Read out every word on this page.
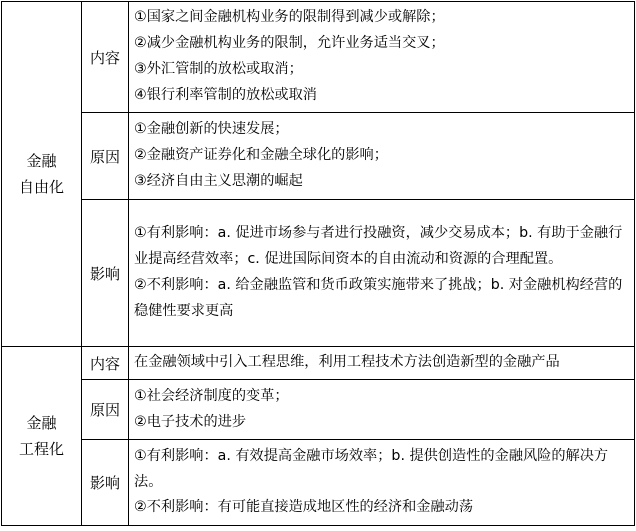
金融
自由化	内容	①国家之间金融机构业务的限制得到减少或解除；
②减少金融机构业务的限制，允许业务适当交叉；
③外汇管制的放松或取消；
④银行利率管制的放松或取消

	原因	①金融创新的快速发展；
②金融资产证券化和金融全球化的影响；
③经济自由主义思潮的崛起

	影响	①有利影响：a. 促进市场参与者进行投融资，减少交易成本；b. 有助于金融行业提高经营效率；c. 促进国际间资本的自由流动和资源的合理配置。
②不利影响：a. 给金融监管和货币政策实施带来了挑战；b. 对金融机构经营的稳健性要求更高

金融
工程化	内容	在金融领域中引入工程思维，利用工程技术方法创造新型的金融产品

	原因	①社会经济制度的变革；
②电子技术的进步

	影响	①有利影响：a. 有效提高金融市场效率；b. 提供创造性的金融风险的解决方法。
②不利影响：有可能直接造成地区性的经济和金融动荡
